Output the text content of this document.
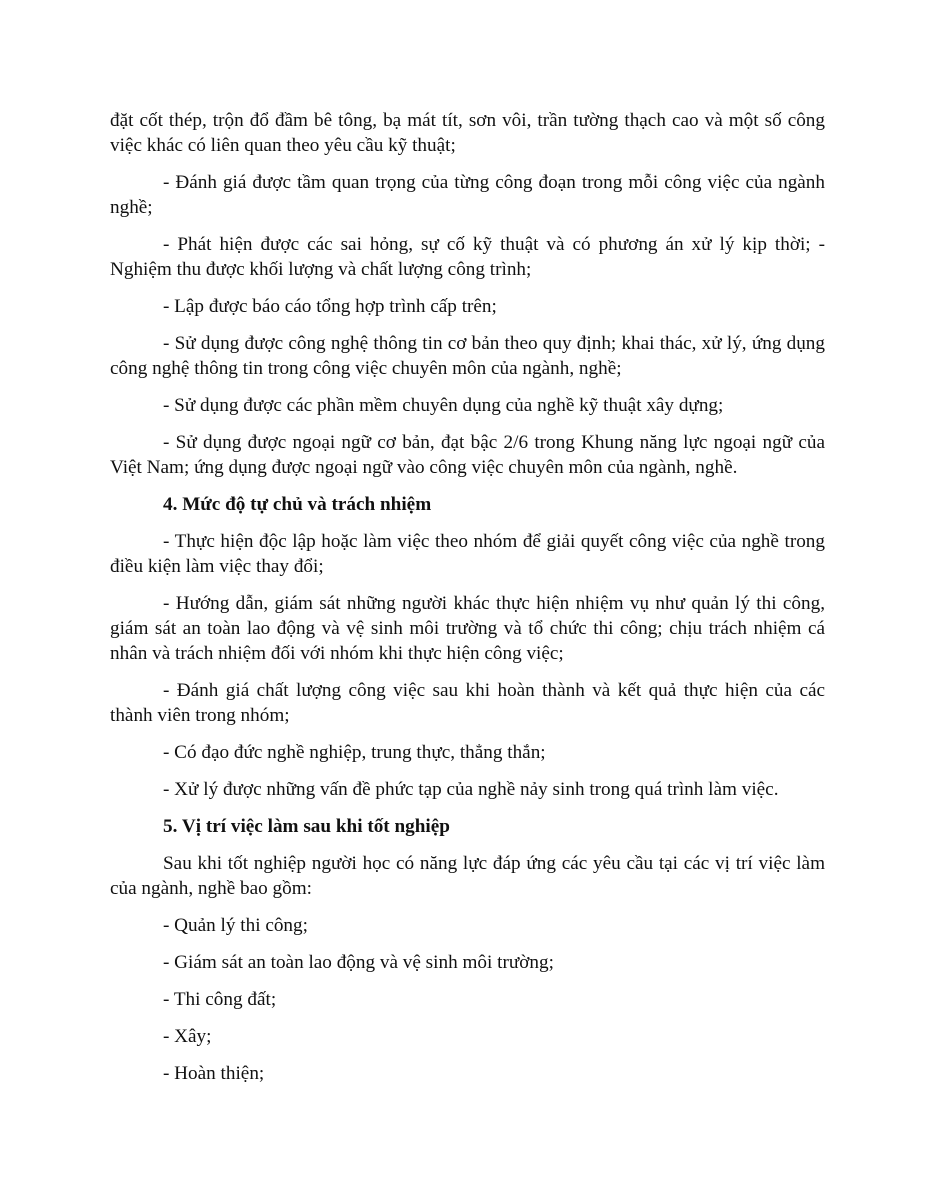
đặt cốt thép, trộn đổ đầm bê tông, bạ mát tít, sơn vôi, trần tường thạch cao và một số công việc khác có liên quan theo yêu cầu kỹ thuật;

- Đánh giá được tầm quan trọng của từng công đoạn trong mỗi công việc của ngành nghề;

- Phát hiện được các sai hỏng, sự cố kỹ thuật và có phương án xử lý kịp thời; - Nghiệm thu được khối lượng và chất lượng công trình;

- Lập được báo cáo tổng hợp trình cấp trên;

- Sử dụng được công nghệ thông tin cơ bản theo quy định; khai thác, xử lý, ứng dụng công nghệ thông tin trong công việc chuyên môn của ngành, nghề;

- Sử dụng được các phần mềm chuyên dụng của nghề kỹ thuật xây dựng;

- Sử dụng được ngoại ngữ cơ bản, đạt bậc 2/6 trong Khung năng lực ngoại ngữ của Việt Nam; ứng dụng được ngoại ngữ vào công việc chuyên môn của ngành, nghề.

4. Mức độ tự chủ và trách nhiệm

- Thực hiện độc lập hoặc làm việc theo nhóm để giải quyết công việc của nghề trong điều kiện làm việc thay đổi;

- Hướng dẫn, giám sát những người khác thực hiện nhiệm vụ như quản lý thi công, giám sát an toàn lao động và vệ sinh môi trường và tổ chức thi công; chịu trách nhiệm cá nhân và trách nhiệm đối với nhóm khi thực hiện công việc;

- Đánh giá chất lượng công việc sau khi hoàn thành và kết quả thực hiện của các thành viên trong nhóm;

- Có đạo đức nghề nghiệp, trung thực, thẳng thắn;

- Xử lý được những vấn đề phức tạp của nghề nảy sinh trong quá trình làm việc.

5. Vị trí việc làm sau khi tốt nghiệp

Sau khi tốt nghiệp người học có năng lực đáp ứng các yêu cầu tại các vị trí việc làm của ngành, nghề bao gồm:

- Quản lý thi công;

- Giám sát an toàn lao động và vệ sinh môi trường;

- Thi công đất;

- Xây;

- Hoàn thiện;
